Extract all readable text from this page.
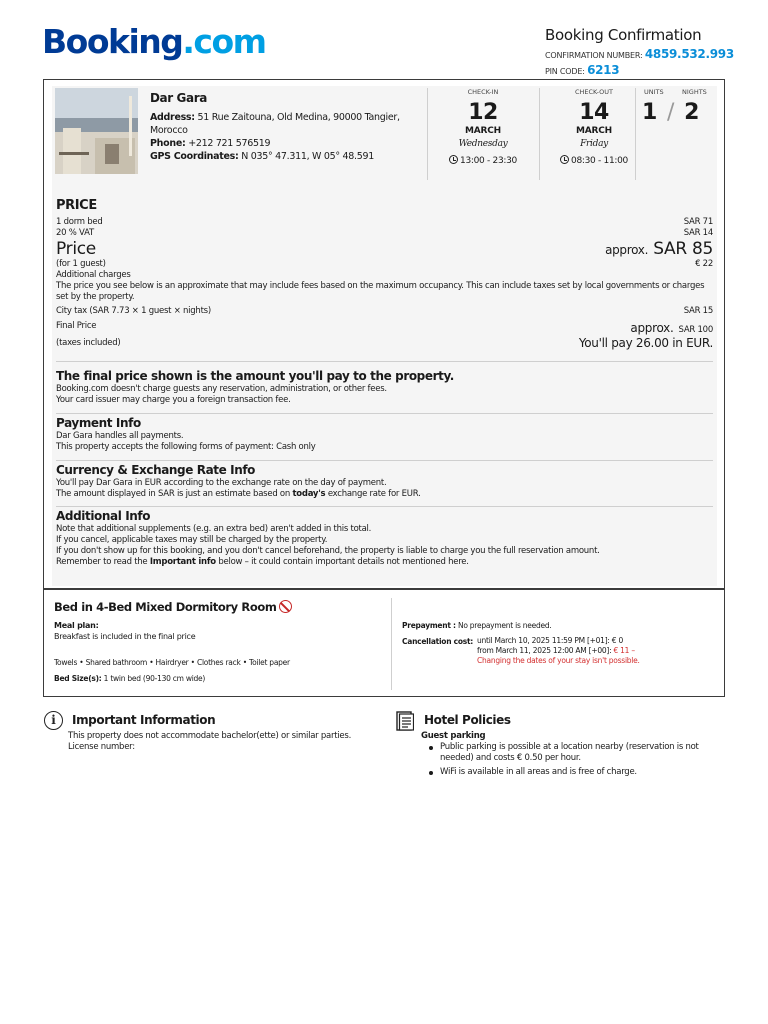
Booking.com	Booking Confirmation
CONFIRMATION NUMBER: 4859.532.993
PIN CODE: 6213
Dar Gara
Address: 51 Rue Zaitouna, Old Medina, 90000 Tangier, Morocco
Phone: +212 721 576519
GPS Coordinates: N 035° 47.311, W 05° 48.591
CHECK-IN
12
MARCH
Wednesday
13:00 - 23:30
CHECK-OUT
14
MARCH
Friday
08:30 - 11:00
UNITS	NIGHTS
1 / 2
PRICE
1 dorm bed	SAR 71
20 % VAT	SAR 14
Price	approx. SAR 85
(for 1 guest)	€ 22
Additional charges
The price you see below is an approximate that may include fees based on the maximum occupancy. This can include taxes set by local governments or charges set by the property.
City tax (SAR 7.73 × 1 guest × nights)	SAR 15
Final Price	approx. SAR 100
(taxes included)	You'll pay 26.00 in EUR.
The final price shown is the amount you'll pay to the property.
Booking.com doesn't charge guests any reservation, administration, or other fees.
Your card issuer may charge you a foreign transaction fee.
Payment Info
Dar Gara handles all payments.
This property accepts the following forms of payment: Cash only
Currency & Exchange Rate Info
You'll pay Dar Gara in EUR according to the exchange rate on the day of payment.
The amount displayed in SAR is just an estimate based on today's exchange rate for EUR.
Additional Info
Note that additional supplements (e.g. an extra bed) aren't added in this total.
If you cancel, applicable taxes may still be charged by the property.
If you don't show up for this booking, and you don't cancel beforehand, the property is liable to charge you the full reservation amount.
Remember to read the Important info below – it could contain important details not mentioned here.
Bed in 4-Bed Mixed Dormitory Room
Meal plan:
Breakfast is included in the final price
Towels • Shared bathroom • Hairdryer • Clothes rack • Toilet paper
Bed Size(s): 1 twin bed (90-130 cm wide)
Prepayment : No prepayment is needed.
Cancellation cost: until March 10, 2025 11:59 PM [+01]: € 0
from March 11, 2025 12:00 AM [+00]: € 11 –
Changing the dates of your stay isn't possible.
i	Important Information
This property does not accommodate bachelor(ette) or similar parties.
License number:
Hotel Policies
Guest parking
Public parking is possible at a location nearby (reservation is not needed) and costs € 0.50 per hour.
WiFi is available in all areas and is free of charge.
